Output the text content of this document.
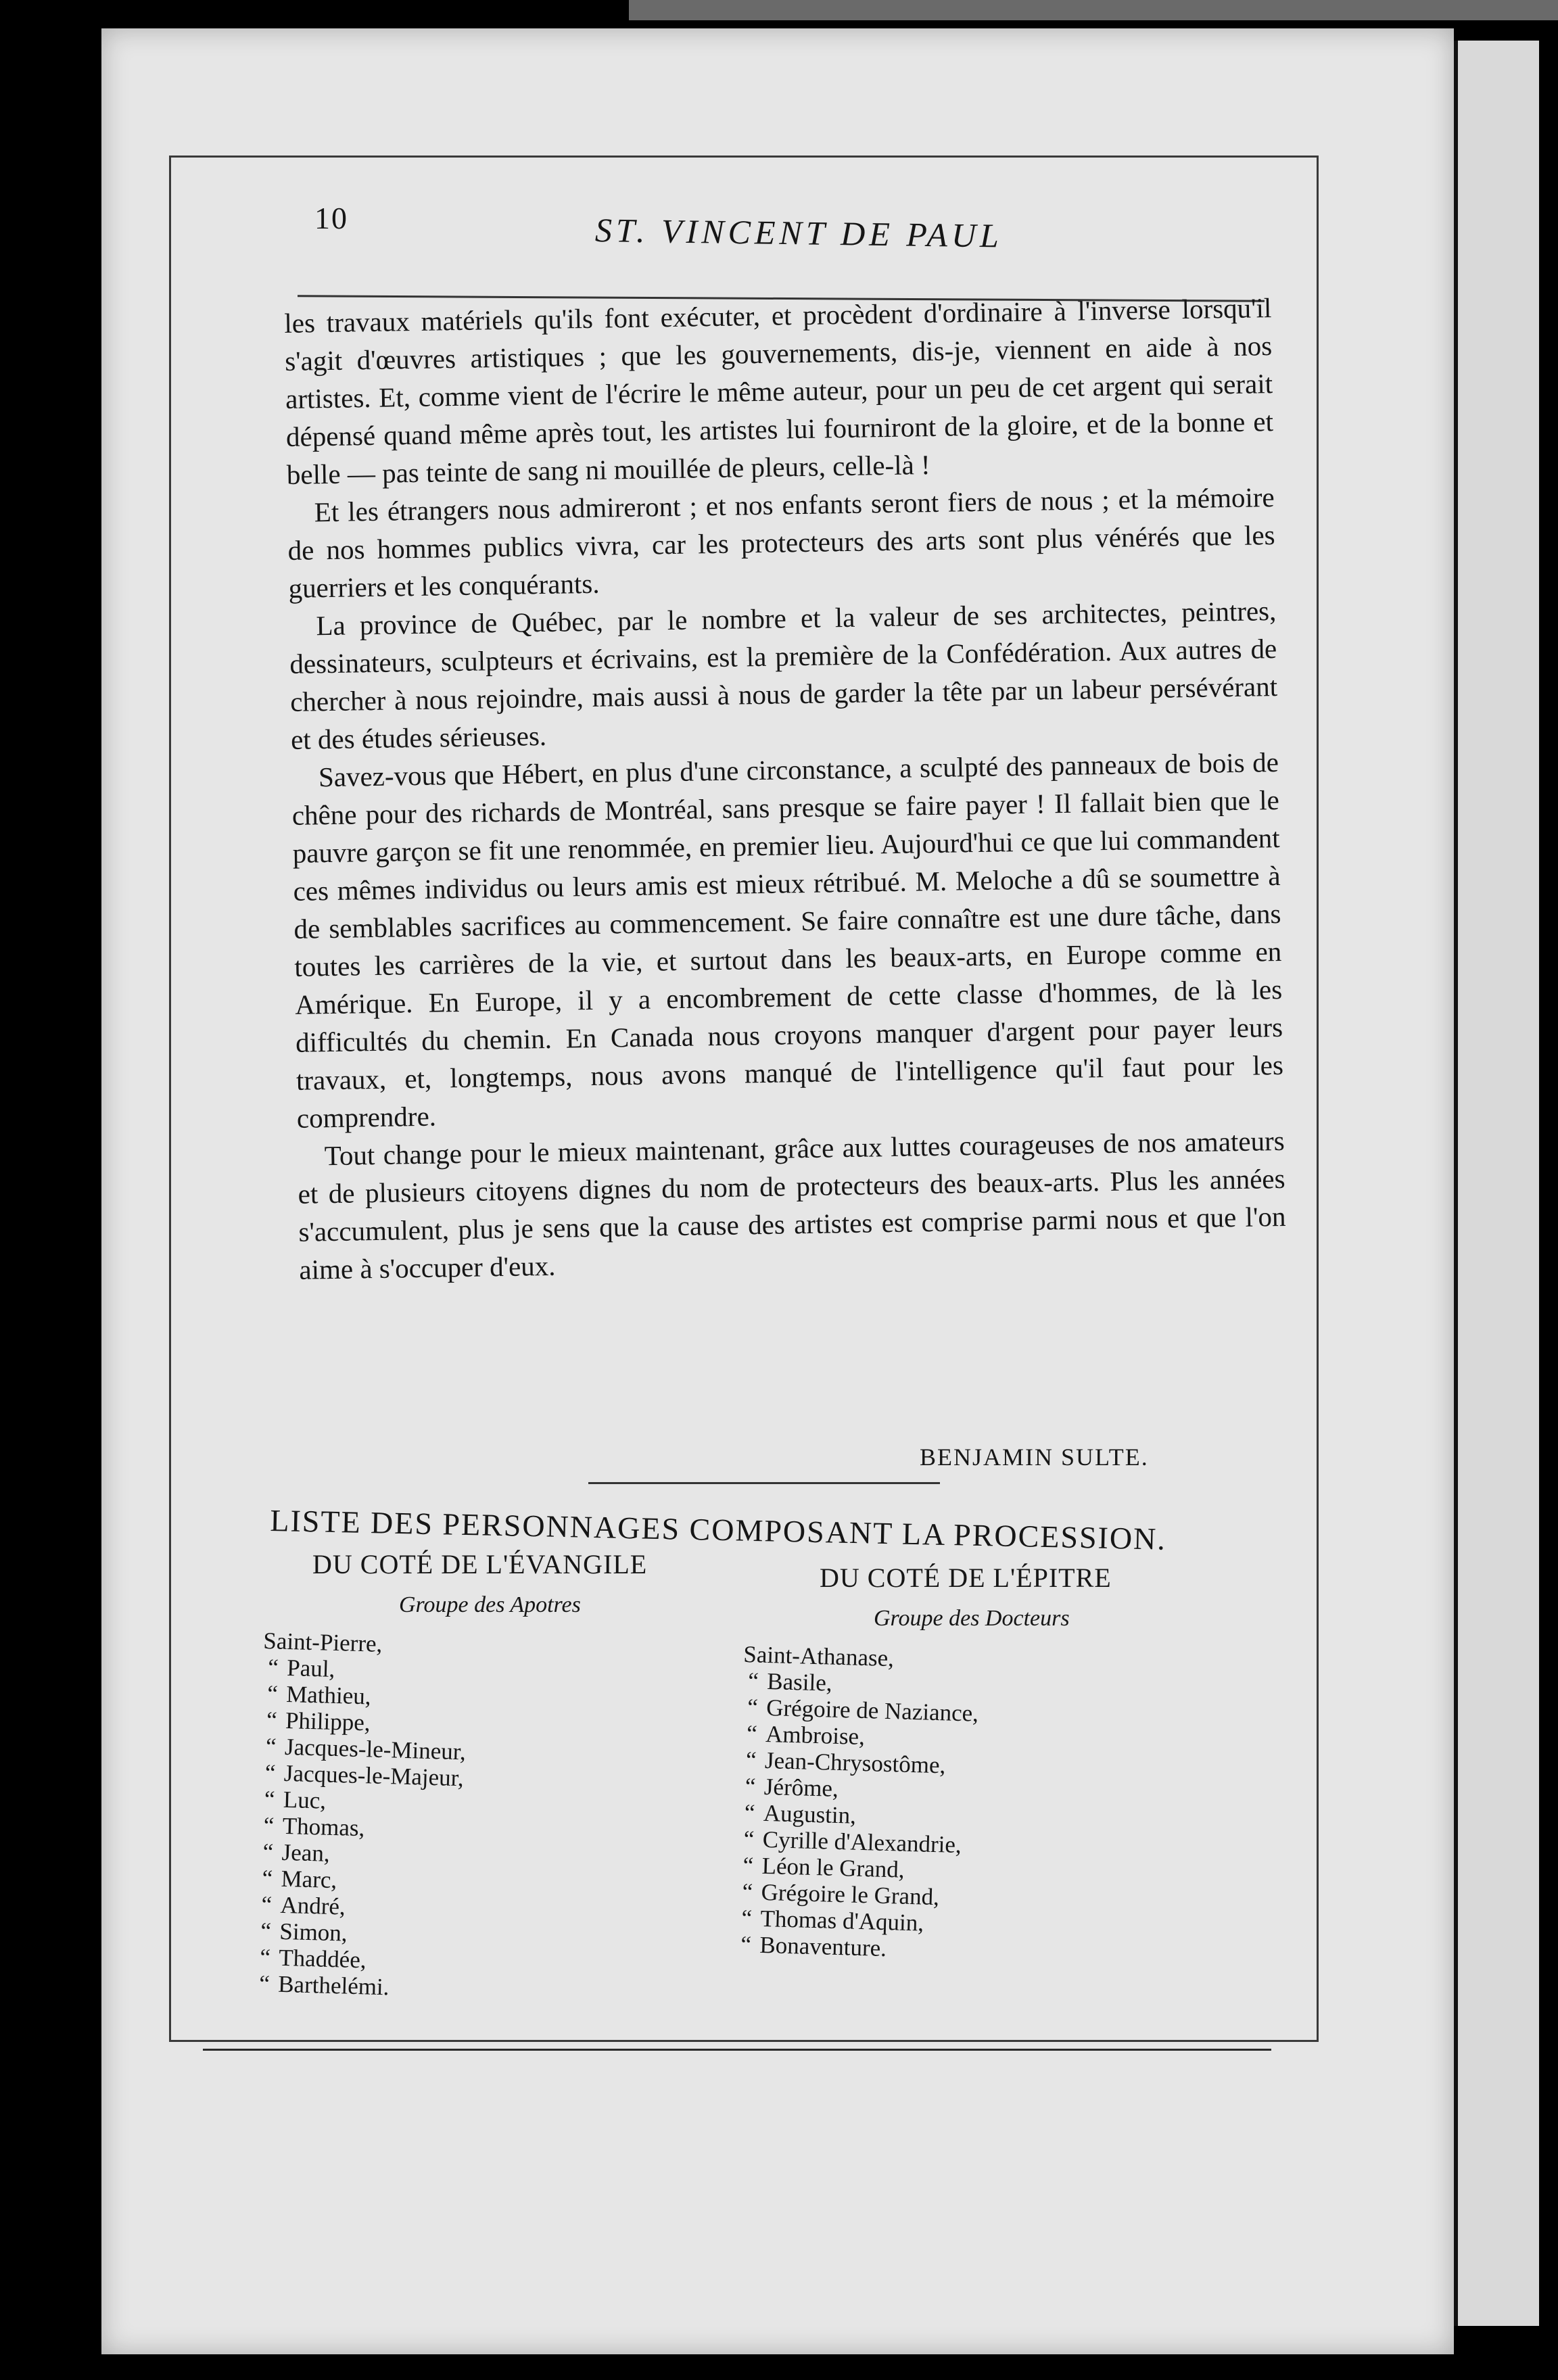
10	ST. VINCENT DE PAUL

les travaux matériels qu'ils font exécuter, et procèdent d'ordinaire à l'inverse lorsqu'il s'agit d'œuvres artistiques ; que les gouvernements, dis-je, viennent en aide à nos artistes. Et, comme vient de l'écrire le même auteur, pour un peu de cet argent qui serait dépensé quand même après tout, les artistes lui fourniront de la gloire, et de la bonne et belle — pas teinte de sang ni mouillée de pleurs, celle-là !

Et les étrangers nous admireront ; et nos enfants seront fiers de nous ; et la mémoire de nos hommes publics vivra, car les protecteurs des arts sont plus vénérés que les guerriers et les conquérants.

La province de Québec, par le nombre et la valeur de ses architectes, peintres, dessinateurs, sculpteurs et écrivains, est la première de la Confédération. Aux autres de chercher à nous rejoindre, mais aussi à nous de garder la tête par un labeur persévérant et des études sérieuses.

Savez-vous que Hébert, en plus d'une circonstance, a sculpté des panneaux de bois de chêne pour des richards de Montréal, sans presque se faire payer ! Il fallait bien que le pauvre garçon se fit une renommée, en premier lieu. Aujourd'hui ce que lui commandent ces mêmes individus ou leurs amis est mieux rétribué. M. Meloche a dû se soumettre à de semblables sacrifices au commencement. Se faire connaître est une dure tâche, dans toutes les carrières de la vie, et surtout dans les beaux-arts, en Europe comme en Amérique. En Europe, il y a encombrement de cette classe d'hommes, de là les difficultés du chemin. En Canada nous croyons manquer d'argent pour payer leurs travaux, et, longtemps, nous avons manqué de l'intelligence qu'il faut pour les comprendre.

Tout change pour le mieux maintenant, grâce aux luttes courageuses de nos amateurs et de plusieurs citoyens dignes du nom de protecteurs des beaux-arts. Plus les années s'accumulent, plus je sens que la cause des artistes est comprise parmi nous et que l'on aime à s'occuper d'eux.

BENJAMIN SULTE.
LISTE DES PERSONNAGES COMPOSANT LA PROCESSION.
DU COTÉ DE L'ÉVANGILE
Groupe des Apotres
Saint-Pierre,
“ Paul,
“ Mathieu,
“ Philippe,
“ Jacques-le-Mineur,
“ Jacques-le-Majeur,
“ Luc,
“ Thomas,
“ Jean,
“ Marc,
“ André,
“ Simon,
“ Thaddée,
“ Barthelémi.
DU COTÉ DE L'ÉPITRE
Groupe des Docteurs
Saint-Athanase,
“ Basile,
“ Grégoire de Naziance,
“ Ambroise,
“ Jean-Chrysostôme,
“ Jérôme,
“ Augustin,
“ Cyrille d'Alexandrie,
“ Léon le Grand,
“ Grégoire le Grand,
“ Thomas d'Aquin,
“ Bonaventure.
